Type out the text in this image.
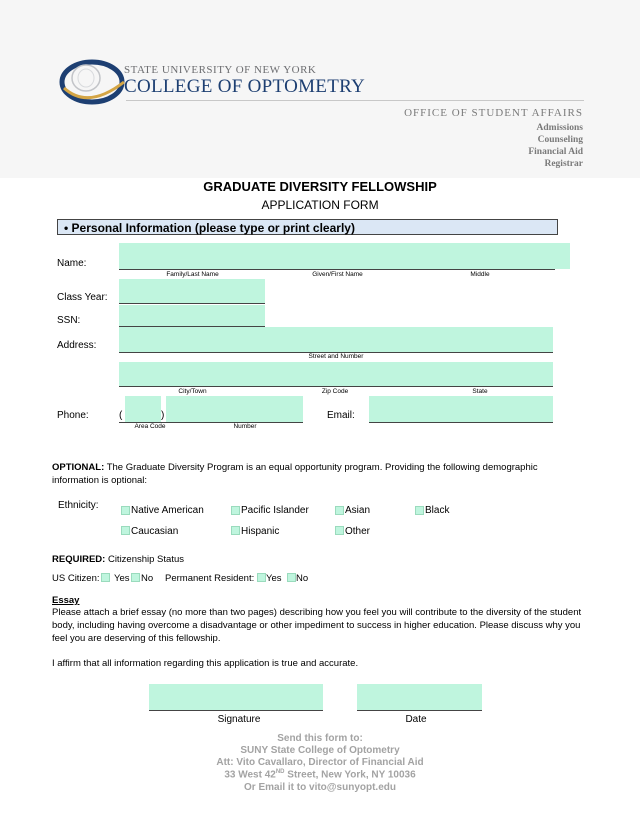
STATE UNIVERSITY OF NEW YORK
COLLEGE OF OPTOMETRY
OFFICE OF STUDENT AFFAIRS
Admissions
Counseling
Financial Aid
Registrar
GRADUATE DIVERSITY FELLOWSHIP
APPLICATION FORM
• Personal Information (please type or print clearly)
Name:
Family/Last Name	Given/First Name	Middle
Class Year:
SSN:
Address:
Street and Number
City/Town	Zip Code	State
Phone:	(	)
Area Code	Number
Email:
OPTIONAL: The Graduate Diversity Program is an equal opportunity program. Providing the following demographic information is optional:
Ethnicity:	Native American	Pacific Islander	Asian	Black
Caucasian	Hispanic	Other
REQUIRED: Citizenship Status
US Citizen: Yes No Permanent Resident: Yes No
Essay
Please attach a brief essay (no more than two pages) describing how you feel you will contribute to the diversity of the student body, including having overcome a disadvantage or other impediment to success in higher education. Please discuss why you feel you are deserving of this fellowship.
I affirm that all information regarding this application is true and accurate.
Signature	Date
Send this form to:
SUNY State College of Optometry
Att: Vito Cavallaro, Director of Financial Aid
33 West 42ND Street, New York, NY 10036
Or Email it to vito@sunyopt.edu
